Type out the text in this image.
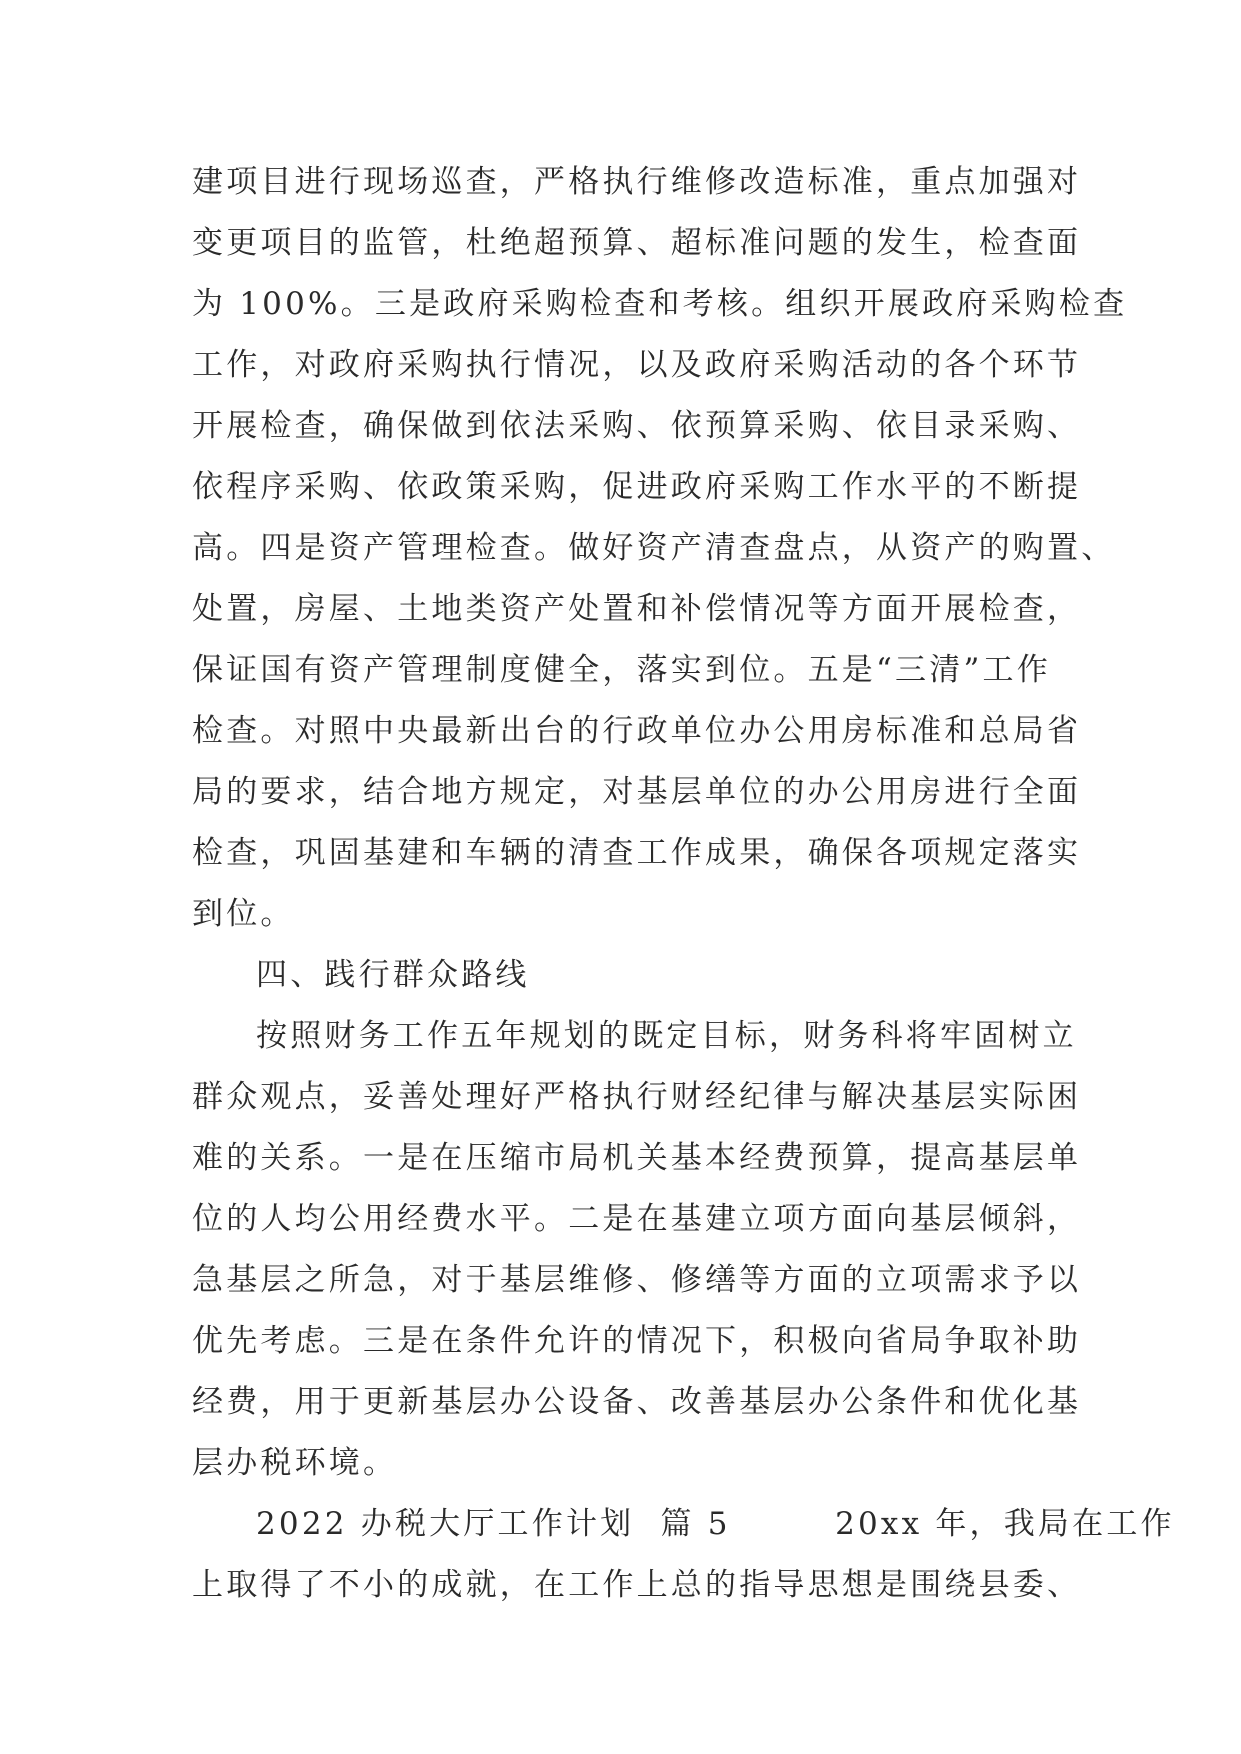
建项目进行现场巡查，严格执行维修改造标准，重点加强对
变更项目的监管，杜绝超预算、超标准问题的发生，检查面
为 100%。三是政府采购检查和考核。组织开展政府采购检查
工作，对政府采购执行情况，以及政府采购活动的各个环节
开展检查，确保做到依法采购、依预算采购、依目录采购、
依程序采购、依政策采购，促进政府采购工作水平的不断提
高。四是资产管理检查。做好资产清查盘点，从资产的购置、
处置，房屋、土地类资产处置和补偿情况等方面开展检查，
保证国有资产管理制度健全，落实到位。五是“三清”工作
检查。对照中央最新出台的行政单位办公用房标准和总局省
局的要求，结合地方规定，对基层单位的办公用房进行全面
检查，巩固基建和车辆的清查工作成果，确保各项规定落实
到位。
四、践行群众路线
按照财务工作五年规划的既定目标，财务科将牢固树立
群众观点，妥善处理好严格执行财经纪律与解决基层实际困
难的关系。一是在压缩市局机关基本经费预算，提高基层单
位的人均公用经费水平。二是在基建立项方面向基层倾斜，
急基层之所急，对于基层维修、修缮等方面的立项需求予以
优先考虑。三是在条件允许的情况下，积极向省局争取补助
经费，用于更新基层办公设备、改善基层办公条件和优化基
层办税环境。
2022 办税大厅工作计划  篇 5        20xx 年，我局在工作
上取得了不小的成就，在工作上总的指导思想是围绕县委、
